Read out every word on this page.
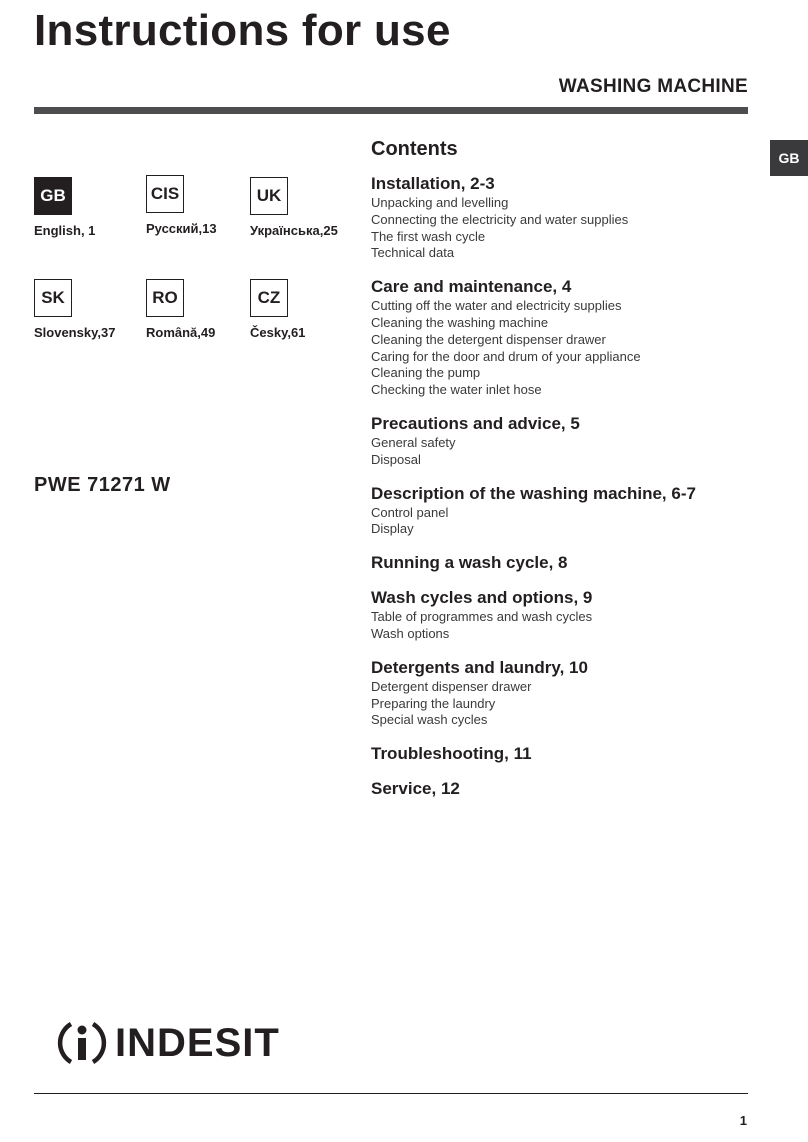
Instructions for use
WASHING MACHINE
GB
GB
English, 1
CIS
Русский,13
UK
Українська,25
SK
Slovensky,37
RO
Română,49
CZ
Česky,61
PWE 71271 W
Contents
Installation, 2-3
Unpacking and levelling
Connecting the electricity and water supplies
The first wash cycle
Technical data
Care and maintenance, 4
Cutting off the water and electricity supplies
Cleaning the washing machine
Cleaning the detergent dispenser drawer
Caring for the door and drum of your appliance
Cleaning the pump
Checking the water inlet hose
Precautions and advice, 5
General safety
Disposal
Description of the washing machine, 6-7
Control panel
Display
Running a wash cycle, 8
Wash cycles and options, 9
Table of programmes and wash cycles
Wash options
Detergents and laundry, 10
Detergent dispenser drawer
Preparing the laundry
Special wash cycles
Troubleshooting, 11
Service, 12
INDESIT
1
